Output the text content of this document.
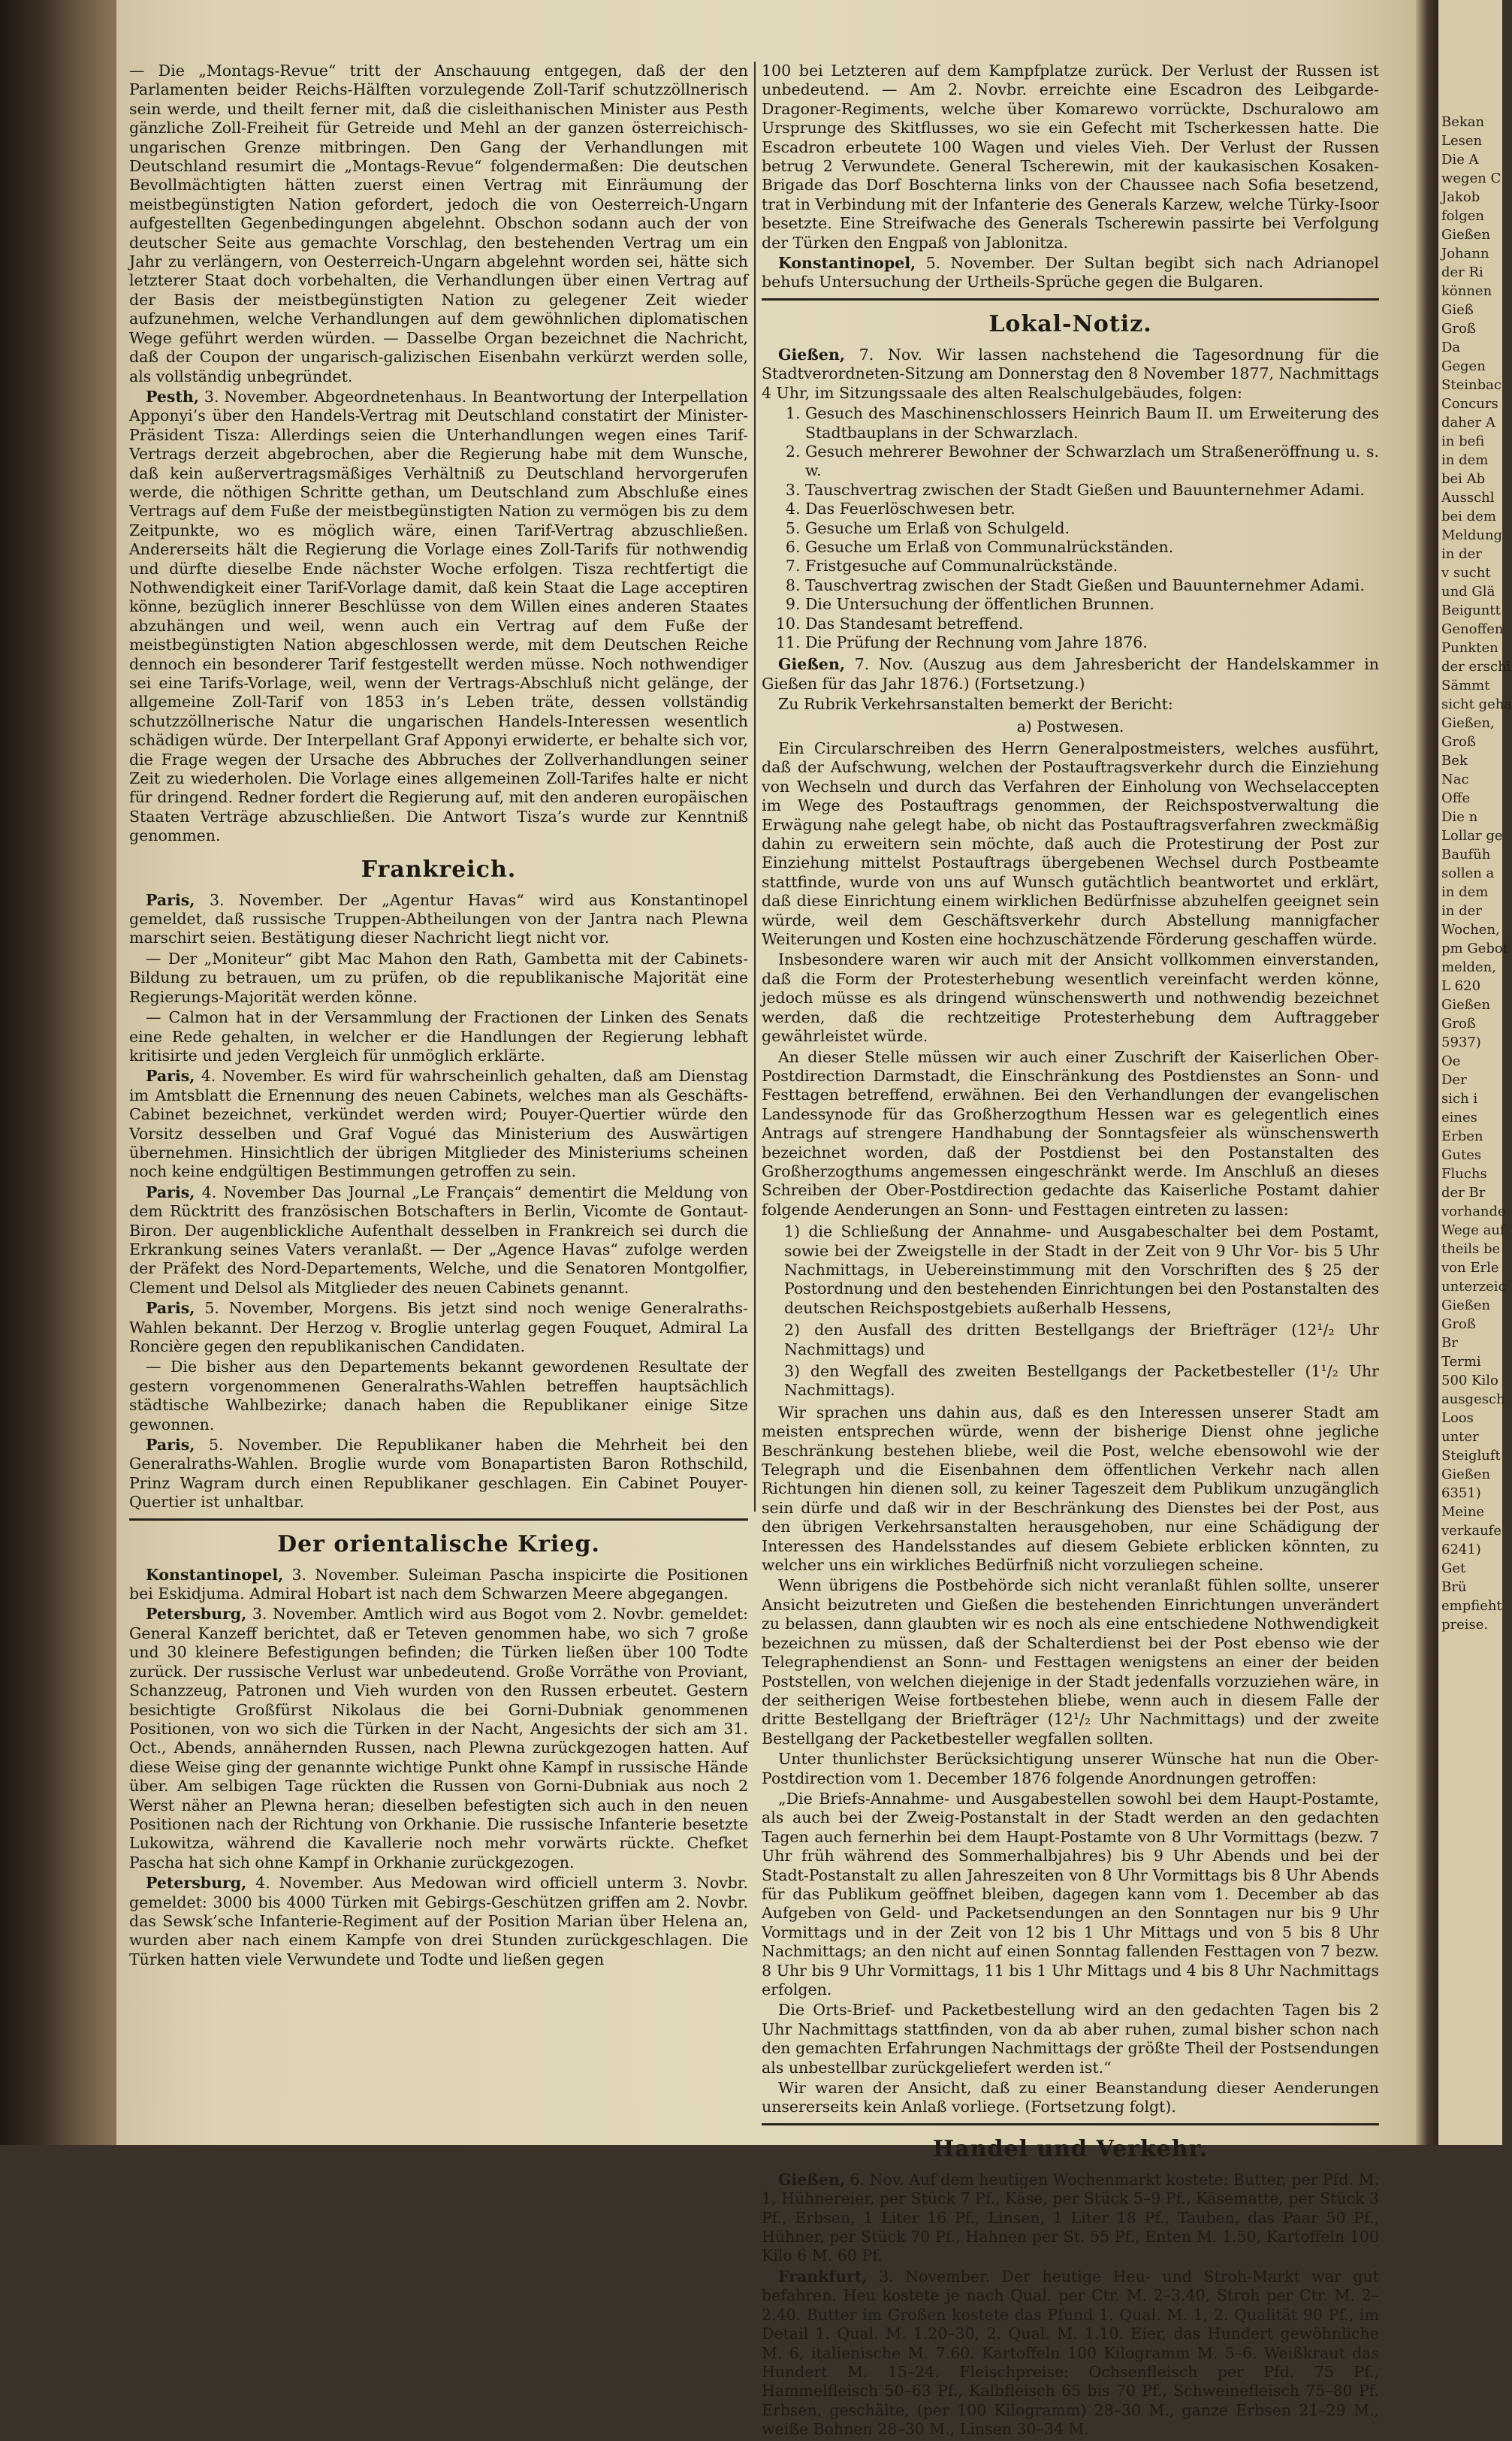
— Die „Montags-Revue“ tritt der Anschauung entgegen, daß der den Parlamenten beider Reichs-Hälften vorzulegende Zoll-Tarif schutzzöllnerisch sein werde, und theilt ferner mit, daß die cisleithanischen Minister aus Pesth gänzliche Zoll-Freiheit für Getreide und Mehl an der ganzen österreichisch-ungarischen Grenze mitbringen. Den Gang der Verhandlungen mit Deutschland resumirt die „Montags-Revue“ folgendermaßen: Die deutschen Bevollmächtigten hätten zuerst einen Vertrag mit Einräumung der meistbegünstigten Nation gefordert, jedoch die von Oesterreich-Ungarn aufgestellten Gegenbedingungen abgelehnt. Obschon sodann auch der von deutscher Seite aus gemachte Vorschlag, den bestehenden Vertrag um ein Jahr zu verlängern, von Oesterreich-Ungarn abgelehnt worden sei, hätte sich letzterer Staat doch vorbehalten, die Verhandlungen über einen Vertrag auf der Basis der meistbegünstigten Nation zu gelegener Zeit wieder aufzunehmen, welche Verhandlungen auf dem gewöhnlichen diplomatischen Wege geführt werden würden. — Dasselbe Organ bezeichnet die Nachricht, daß der Coupon der ungarisch-galizischen Eisenbahn verkürzt werden solle, als vollständig unbegründet.

Pesth, 3. November. Abgeordnetenhaus. In Beantwortung der Interpellation Apponyi’s über den Handels-Vertrag mit Deutschland constatirt der Minister-Präsident Tisza: Allerdings seien die Unterhandlungen wegen eines Tarif-Vertrags derzeit abgebrochen, aber die Regierung habe mit dem Wunsche, daß kein außervertragsmäßiges Verhältniß zu Deutschland hervorgerufen werde, die nöthigen Schritte gethan, um Deutschland zum Abschluße eines Vertrags auf dem Fuße der meistbegünstigten Nation zu vermögen bis zu dem Zeitpunkte, wo es möglich wäre, einen Tarif-Vertrag abzuschließen. Andererseits hält die Regierung die Vorlage eines Zoll-Tarifs für nothwendig und dürfte dieselbe Ende nächster Woche erfolgen. Tisza rechtfertigt die Nothwendigkeit einer Tarif-Vorlage damit, daß kein Staat die Lage acceptiren könne, bezüglich innerer Beschlüsse von dem Willen eines anderen Staates abzuhängen und weil, wenn auch ein Vertrag auf dem Fuße der meistbegünstigten Nation abgeschlossen werde, mit dem Deutschen Reiche dennoch ein besonderer Tarif festgestellt werden müsse. Noch nothwendiger sei eine Tarifs-Vorlage, weil, wenn der Vertrags-Abschluß nicht gelänge, der allgemeine Zoll-Tarif von 1853 in’s Leben träte, dessen vollständig schutzzöllnerische Natur die ungarischen Handels-Interessen wesentlich schädigen würde. Der Interpellant Graf Apponyi erwiderte, er behalte sich vor, die Frage wegen der Ursache des Abbruches der Zollverhandlungen seiner Zeit zu wiederholen. Die Vorlage eines allgemeinen Zoll-Tarifes halte er nicht für dringend. Redner fordert die Regierung auf, mit den anderen europäischen Staaten Verträge abzuschließen. Die Antwort Tisza’s wurde zur Kenntniß genommen.

Frankreich.

Paris, 3. November. Der „Agentur Havas“ wird aus Konstantinopel gemeldet, daß russische Truppen-Abtheilungen von der Jantra nach Plewna marschirt seien. Bestätigung dieser Nachricht liegt nicht vor.

— Der „Moniteur“ gibt Mac Mahon den Rath, Gambetta mit der Cabinets-Bildung zu betrauen, um zu prüfen, ob die republikanische Majorität eine Regierungs-Majorität werden könne.

— Calmon hat in der Versammlung der Fractionen der Linken des Senats eine Rede gehalten, in welcher er die Handlungen der Regierung lebhaft kritisirte und jeden Vergleich für unmöglich erklärte.

Paris, 4. November. Es wird für wahrscheinlich gehalten, daß am Dienstag im Amtsblatt die Ernennung des neuen Cabinets, welches man als Geschäfts-Cabinet bezeichnet, verkündet werden wird; Pouyer-Quertier würde den Vorsitz desselben und Graf Vogué das Ministerium des Auswärtigen übernehmen. Hinsichtlich der übrigen Mitglieder des Ministeriums scheinen noch keine endgültigen Bestimmungen getroffen zu sein.

Paris, 4. November Das Journal „Le Français“ dementirt die Meldung von dem Rücktritt des französischen Botschafters in Berlin, Vicomte de Gontaut-Biron. Der augenblickliche Aufenthalt desselben in Frankreich sei durch die Erkrankung seines Vaters veranlaßt. — Der „Agence Havas“ zufolge werden der Präfekt des Nord-Departements, Welche, und die Senatoren Montgolfier, Clement und Delsol als Mitglieder des neuen Cabinets genannt.

Paris, 5. November, Morgens. Bis jetzt sind noch wenige Generalraths-Wahlen bekannt. Der Herzog v. Broglie unterlag gegen Fouquet, Admiral La Roncière gegen den republikanischen Candidaten.

— Die bisher aus den Departements bekannt gewordenen Resultate der gestern vorgenommenen Generalraths-Wahlen betreffen hauptsächlich städtische Wahlbezirke; danach haben die Republikaner einige Sitze gewonnen.

Paris, 5. November. Die Republikaner haben die Mehrheit bei den Generalraths-Wahlen. Broglie wurde vom Bonapartisten Baron Rothschild, Prinz Wagram durch einen Republikaner geschlagen. Ein Cabinet Pouyer-Quertier ist unhaltbar.

Der orientalische Krieg.

Konstantinopel, 3. November. Suleiman Pascha inspicirte die Positionen bei Eskidjuma. Admiral Hobart ist nach dem Schwarzen Meere abgegangen.

Petersburg, 3. November. Amtlich wird aus Bogot vom 2. Novbr. gemeldet: General Kanzeff berichtet, daß er Teteven genommen habe, wo sich 7 große und 30 kleinere Befestigungen befinden; die Türken ließen über 100 Todte zurück. Der russische Verlust war unbedeutend. Große Vorräthe von Proviant, Schanzzeug, Patronen und Vieh wurden von den Russen erbeutet. Gestern besichtigte Großfürst Nikolaus die bei Gorni-Dubniak genommenen Positionen, von wo sich die Türken in der Nacht, Angesichts der sich am 31. Oct., Abends, annähernden Russen, nach Plewna zurückgezogen hatten. Auf diese Weise ging der genannte wichtige Punkt ohne Kampf in russische Hände über. Am selbigen Tage rückten die Russen von Gorni-Dubniak aus noch 2 Werst näher an Plewna heran; dieselben befestigten sich auch in den neuen Positionen nach der Richtung von Orkhanie. Die russische Infanterie besetzte Lukowitza, während die Kavallerie noch mehr vorwärts rückte. Chefket Pascha hat sich ohne Kampf in Orkhanie zurückgezogen.

Petersburg, 4. November. Aus Medowan wird officiell unterm 3. Novbr. gemeldet: 3000 bis 4000 Türken mit Gebirgs-Geschützen griffen am 2. Novbr. das Sewsk’sche Infanterie-Regiment auf der Position Marian über Helena an, wurden aber nach einem Kampfe von drei Stunden zurückgeschlagen. Die Türken hatten viele Verwundete und Todte und ließen gegen

100 bei Letzteren auf dem Kampfplatze zurück. Der Verlust der Russen ist unbedeutend. — Am 2. Novbr. erreichte eine Escadron des Leibgarde-Dragoner-Regiments, welche über Komarewo vorrückte, Dschuralowo am Ursprunge des Skitflusses, wo sie ein Gefecht mit Tscherkessen hatte. Die Escadron erbeutete 100 Wagen und vieles Vieh. Der Verlust der Russen betrug 2 Verwundete. General Tscherewin, mit der kaukasischen Kosaken-Brigade das Dorf Boschterna links von der Chaussee nach Sofia besetzend, trat in Verbindung mit der Infanterie des Generals Karzew, welche Türky-Isoor besetzte. Eine Streifwache des Generals Tscherewin passirte bei Verfolgung der Türken den Engpaß von Jablonitza.

Konstantinopel, 5. November. Der Sultan begibt sich nach Adrianopel behufs Untersuchung der Urtheils-Sprüche gegen die Bulgaren.

Lokal-Notiz.

Gießen, 7. Nov. Wir lassen nachstehend die Tagesordnung für die Stadtverordneten-Sitzung am Donnerstag den 8 November 1877, Nachmittags 4 Uhr, im Sitzungssaale des alten Realschulgebäudes, folgen:

1. Gesuch des Maschinenschlossers Heinrich Baum II. um Erweiterung des Stadtbauplans in der Schwarzlach.
2. Gesuch mehrerer Bewohner der Schwarzlach um Straßeneröffnung u. s. w.
3. Tauschvertrag zwischen der Stadt Gießen und Bauunternehmer Adami.
4. Das Feuerlöschwesen betr.
5. Gesuche um Erlaß von Schulgeld.
6. Gesuche um Erlaß von Communalrückständen.
7. Fristgesuche auf Communalrückstände.
8. Tauschvertrag zwischen der Stadt Gießen und Bauunternehmer Adami.
9. Die Untersuchung der öffentlichen Brunnen.
10. Das Standesamt betreffend.
11. Die Prüfung der Rechnung vom Jahre 1876.

Gießen, 7. Nov. (Auszug aus dem Jahresbericht der Handelskammer in Gießen für das Jahr 1876.) (Fortsetzung.)

Zu Rubrik Verkehrsanstalten bemerkt der Bericht:

a) Postwesen.

Ein Circularschreiben des Herrn Generalpostmeisters, welches ausführt, daß der Aufschwung, welchen der Postauftragsverkehr durch die Einziehung von Wechseln und durch das Verfahren der Einholung von Wechselaccepten im Wege des Postauftrags genommen, der Reichspostverwaltung die Erwägung nahe gelegt habe, ob nicht das Postauftragsverfahren zweckmäßig dahin zu erweitern sein möchte, daß auch die Protestirung der Post zur Einziehung mittelst Postauftrags übergebenen Wechsel durch Postbeamte stattfinde, wurde von uns auf Wunsch gutächtlich beantwortet und erklärt, daß diese Einrichtung einem wirklichen Bedürfnisse abzuhelfen geeignet sein würde, weil dem Geschäftsverkehr durch Abstellung mannigfacher Weiterungen und Kosten eine hochzuschätzende Förderung geschaffen würde.

Insbesondere waren wir auch mit der Ansicht vollkommen einverstanden, daß die Form der Protesterhebung wesentlich vereinfacht werden könne, jedoch müsse es als dringend wünschenswerth und nothwendig bezeichnet werden, daß die rechtzeitige Protesterhebung dem Auftraggeber gewährleistet würde.

An dieser Stelle müssen wir auch einer Zuschrift der Kaiserlichen Ober-Postdirection Darmstadt, die Einschränkung des Postdienstes an Sonn- und Festtagen betreffend, erwähnen. Bei den Verhandlungen der evangelischen Landessynode für das Großherzogthum Hessen war es gelegentlich eines Antrags auf strengere Handhabung der Sonntagsfeier als wünschenswerth bezeichnet worden, daß der Postdienst bei den Postanstalten des Großherzogthums angemessen eingeschränkt werde. Im Anschluß an dieses Schreiben der Ober-Postdirection gedachte das Kaiserliche Postamt dahier folgende Aenderungen an Sonn- und Festtagen eintreten zu lassen:

1) die Schließung der Annahme- und Ausgabeschalter bei dem Postamt, sowie bei der Zweigstelle in der Stadt in der Zeit von 9 Uhr Vor- bis 5 Uhr Nachmittags, in Uebereinstimmung mit den Vorschriften des § 25 der Postordnung und den bestehenden Einrichtungen bei den Postanstalten des deutschen Reichspostgebiets außerhalb Hessens,
2) den Ausfall des dritten Bestellgangs der Briefträger (12¹/₂ Uhr Nachmittags) und
3) den Wegfall des zweiten Bestellgangs der Packetbesteller (1¹/₂ Uhr Nachmittags).

Wir sprachen uns dahin aus, daß es den Interessen unserer Stadt am meisten entsprechen würde, wenn der bisherige Dienst ohne jegliche Beschränkung bestehen bliebe, weil die Post, welche ebensowohl wie der Telegraph und die Eisenbahnen dem öffentlichen Verkehr nach allen Richtungen hin dienen soll, zu keiner Tageszeit dem Publikum unzugänglich sein dürfe und daß wir in der Beschränkung des Dienstes bei der Post, aus den übrigen Verkehrsanstalten herausgehoben, nur eine Schädigung der Interessen des Handelsstandes auf diesem Gebiete erblicken könnten, zu welcher uns ein wirkliches Bedürfniß nicht vorzuliegen scheine.

Wenn übrigens die Postbehörde sich nicht veranlaßt fühlen sollte, unserer Ansicht beizutreten und Gießen die bestehenden Einrichtungen unverändert zu belassen, dann glaubten wir es noch als eine entschiedene Nothwendigkeit bezeichnen zu müssen, daß der Schalterdienst bei der Post ebenso wie der Telegraphendienst an Sonn- und Festtagen wenigstens an einer der beiden Poststellen, von welchen diejenige in der Stadt jedenfalls vorzuziehen wäre, in der seitherigen Weise fortbestehen bliebe, wenn auch in diesem Falle der dritte Bestellgang der Briefträger (12¹/₂ Uhr Nachmittags) und der zweite Bestellgang der Packetbesteller wegfallen sollten.

Unter thunlichster Berücksichtigung unserer Wünsche hat nun die Ober-Postdirection vom 1. December 1876 folgende Anordnungen getroffen:

„Die Briefs-Annahme- und Ausgabestellen sowohl bei dem Haupt-Postamte, als auch bei der Zweig-Postanstalt in der Stadt werden an den gedachten Tagen auch fernerhin bei dem Haupt-Postamte von 8 Uhr Vormittags (bezw. 7 Uhr früh während des Sommerhalbjahres) bis 9 Uhr Abends und bei der Stadt-Postanstalt zu allen Jahreszeiten von 8 Uhr Vormittags bis 8 Uhr Abends für das Publikum geöffnet bleiben, dagegen kann vom 1. December ab das Aufgeben von Geld- und Packetsendungen an den Sonntagen nur bis 9 Uhr Vormittags und in der Zeit von 12 bis 1 Uhr Mittags und von 5 bis 8 Uhr Nachmittags; an den nicht auf einen Sonntag fallenden Festtagen von 7 bezw. 8 Uhr bis 9 Uhr Vormittags, 11 bis 1 Uhr Mittags und 4 bis 8 Uhr Nachmittags erfolgen.

Die Orts-Brief- und Packetbestellung wird an den gedachten Tagen bis 2 Uhr Nachmittags stattfinden, von da ab aber ruhen, zumal bisher schon nach den gemachten Erfahrungen Nachmittags der größte Theil der Postsendungen als unbestellbar zurückgeliefert werden ist.“

Wir waren der Ansicht, daß zu einer Beanstandung dieser Aenderungen unsererseits kein Anlaß vorliege. (Fortsetzung folgt).

Handel und Verkehr.

Gießen, 6. Nov. Auf dem heutigen Wochenmarkt kostete: Butter, per Pfd. M. 1, Hühnereier, per Stück 7 Pf., Käse, per Stück 5–9 Pf., Käsematte, per Stück 3 Pf., Erbsen, 1 Liter 16 Pf., Linsen, 1 Liter 18 Pf., Tauben, das Paar 50 Pf., Hühner, per Stück 70 Pf., Hahnen per St. 55 Pf., Enten M. 1.50, Kartoffeln 100 Kilo 6 M. 60 Pf.

Frankfurt, 3. November. Der heutige Heu- und Stroh-Markt war gut befahren. Heu kostete je nach Qual. per Ctr. M. 2–3.40, Stroh per Ctr. M. 2–2.40. Butter im Großen kostete das Pfund 1. Qual. M. 1, 2. Qualität 90 Pf., im Detail 1. Qual. M. 1.20–30, 2. Qual. M. 1.10. Eier, das Hundert gewöhnliche M. 6, italienische M. 7.60. Kartoffeln 100 Kilogramm M. 5–6. Weißkraut das Hundert M. 15–24. Fleischpreise: Ochsenfleisch per Pfd. 75 Pf., Hammelfleisch 50–63 Pf., Kalbfleisch 65 bis 70 Pf., Schweinefleisch 75–80 Pf. Erbsen, geschälte, (per 100 Kilogramm) 28–30 M., ganze Erbsen 21–29 M., weiße Bohnen 28–30 M., Linsen 30–34 M.

Bekan
Lesen
Die A
wegen C
Jakob
folgen
Gießen
Johann
der Ri
können
Gieß
Groß
Da
Gegen
Steinbac
Concurs
daher A
in befi
in dem
bei Ab
Ausschl
bei dem
Meldung
in der
v sucht
und Glä
Beiguntt
Genoffen
Punkten
der erschi
Sämmt
sicht geha
Gießen,
Groß
Bek
Nac
Offe
Die n
Lollar ge
Baufüh
sollen a
in dem
in der
Wochen,
pm Gebot
melden,
L 620
Gießen
Groß
5937)
Oe
Der
sich i
eines
Erben
Gutes
Fluchs
der Br
vorhande
Wege auf
theils be
von Erle
unterzeic
Gießen
Groß
Br
Termi
500 Kilo
ausgesch
Loos
unter
Steigluft
Gießen
6351)
Meine
verkaufe
6241)
Get
Brü
empfieht
preise.
